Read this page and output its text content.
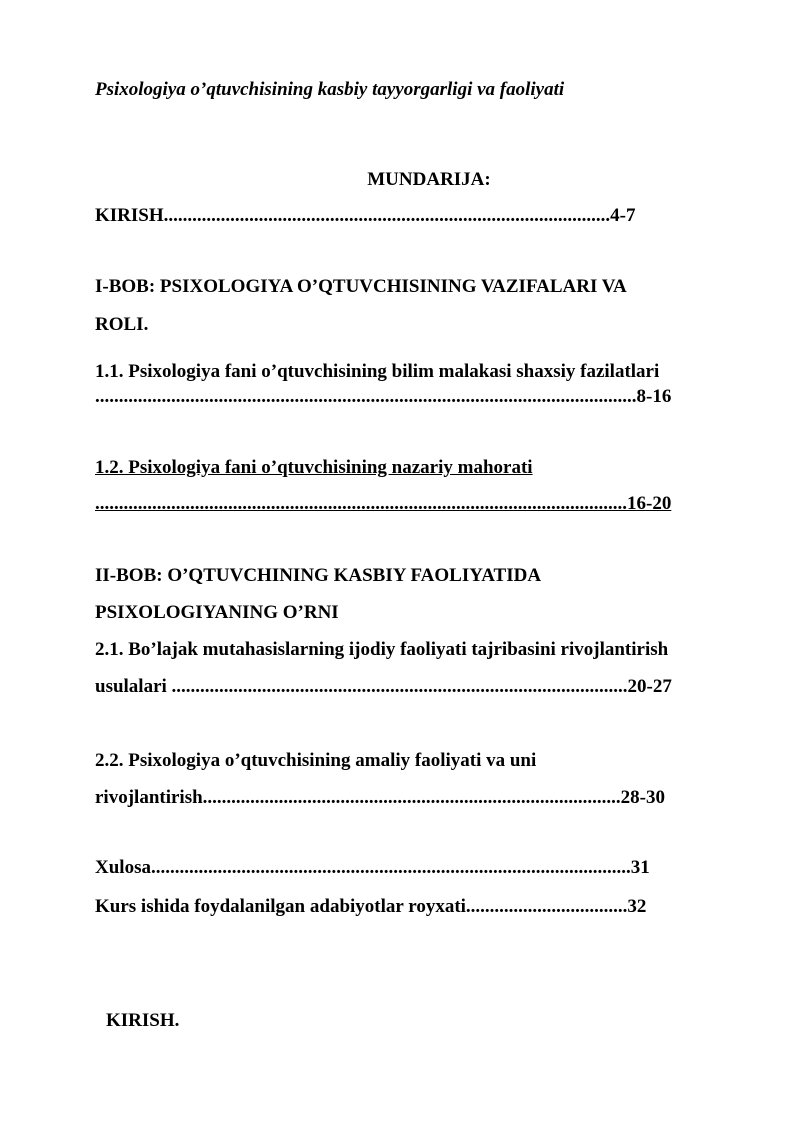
Psixologiya o’qtuvchisining kasbiy tayyorgarligi va faoliyati
MUNDARIJA:
KIRISH..............................................................................................4-7
I-BOB: PSIXOLOGIYA O’QTUVCHISINING VAZIFALARI VA
ROLI.
1.1. Psixologiya fani o’qtuvchisining bilim malakasi shaxsiy fazilatlari
..................................................................................................................8-16
1.2. Psixologiya fani o’qtuvchisining nazariy mahorati
................................................................................................................16-20
II-BOB: O’QTUVCHINING KASBIY FAOLIYATIDA
PSIXOLOGIYANING O’RNI
2.1. Bo’lajak mutahasislarning ijodiy faoliyati tajribasini rivojlantirish
usulalari ................................................................................................20-27
2.2. Psixologiya o’qtuvchisining amaliy faoliyati va uni
rivojlantirish........................................................................................28-30
Xulosa.....................................................................................................31
Kurs ishida foydalanilgan adabiyotlar royxati..................................32
KIRISH.
